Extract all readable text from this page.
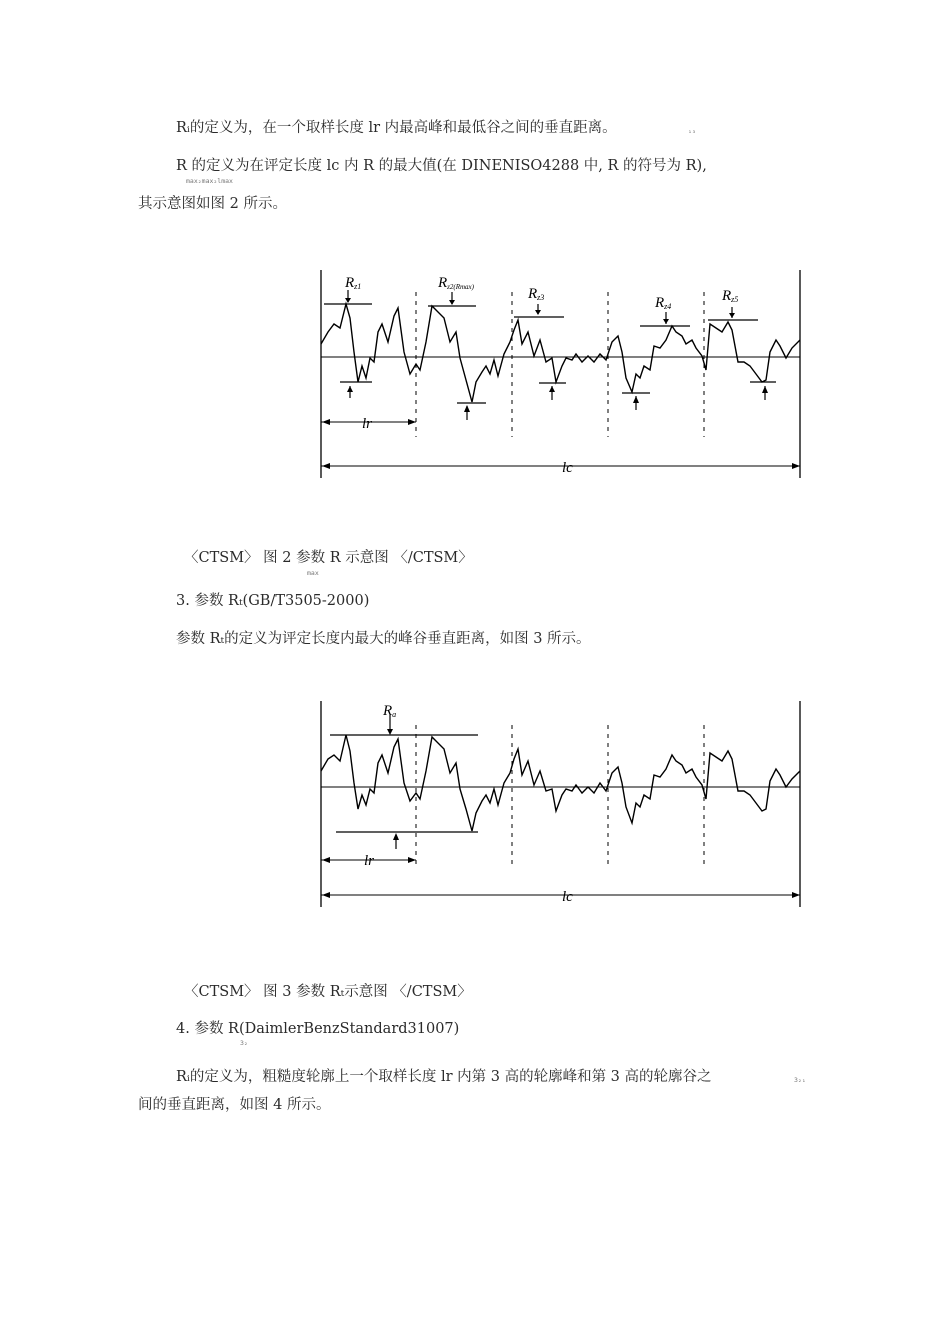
Rᵢ的定义为，在一个取样长度 lr 内最高峰和最低谷之间的垂直距离。	₁₃
R 的定义为在评定长度 lc 内 R 的最大值(在 DINENISO4288 中, R 的符号为 R),
max₂max₂lmax
其示意图如图 2 所示。
Rz1	Rz2(Rmax)	Rz3	Rz4
Rz5
lr
lc
〈CTSM〉 图 2 参数 R 示意图 〈/CTSM〉
max
3. 参数 Rₜ(GB/T3505-2000)
参数 Rₜ的定义为评定长度内最大的峰谷垂直距离，如图 3 所示。
Ra
lr
lc
〈CTSM〉 图 3 参数 Rₜ示意图 〈/CTSM〉
4. 参数 R(DaimlerBenzStandard31007)
3₂
Rᵢ的定义为，粗糙度轮廓上一个取样长度 lr 内第 3 高的轮廓峰和第 3 高的轮廓谷之	3₂₁
间的垂直距离，如图 4 所示。
